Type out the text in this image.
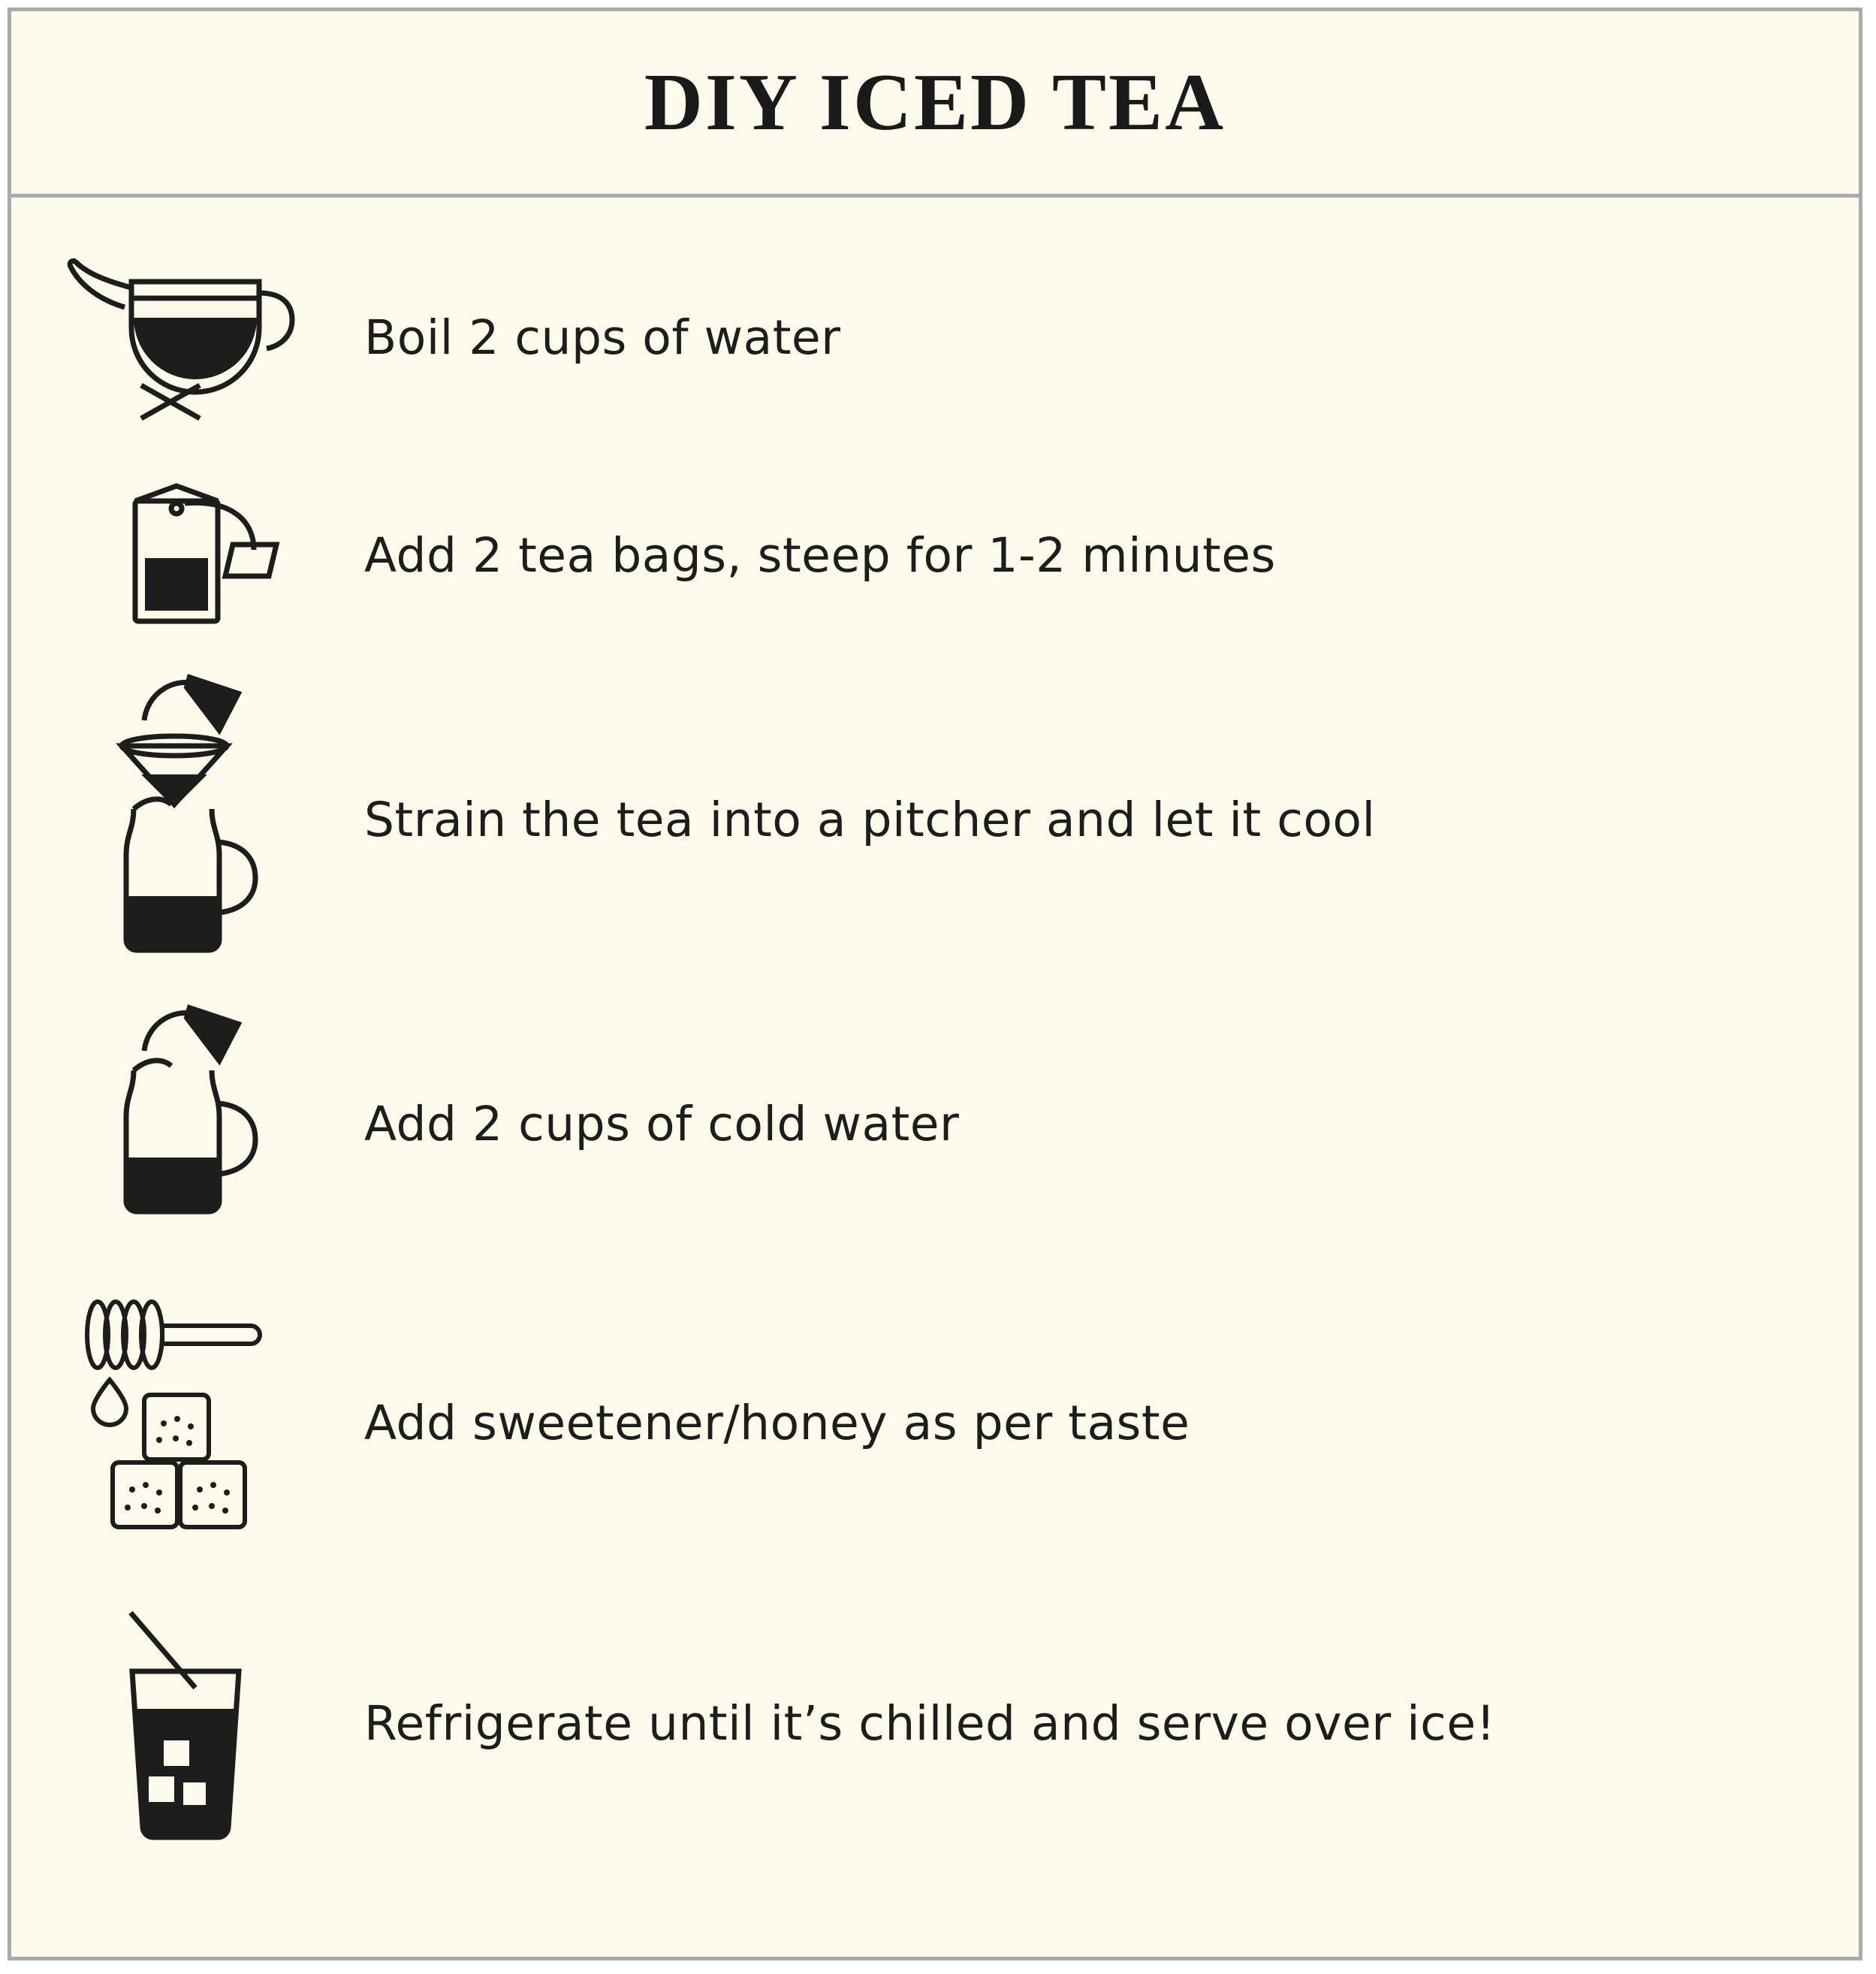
DIY ICED TEA
Boil 2 cups of water
Add 2 tea bags, steep for 1-2 minutes
Strain the tea into a pitcher and let it cool
Add 2 cups of cold water
Add sweetener/honey as per taste
Refrigerate until it’s chilled and serve over ice!
